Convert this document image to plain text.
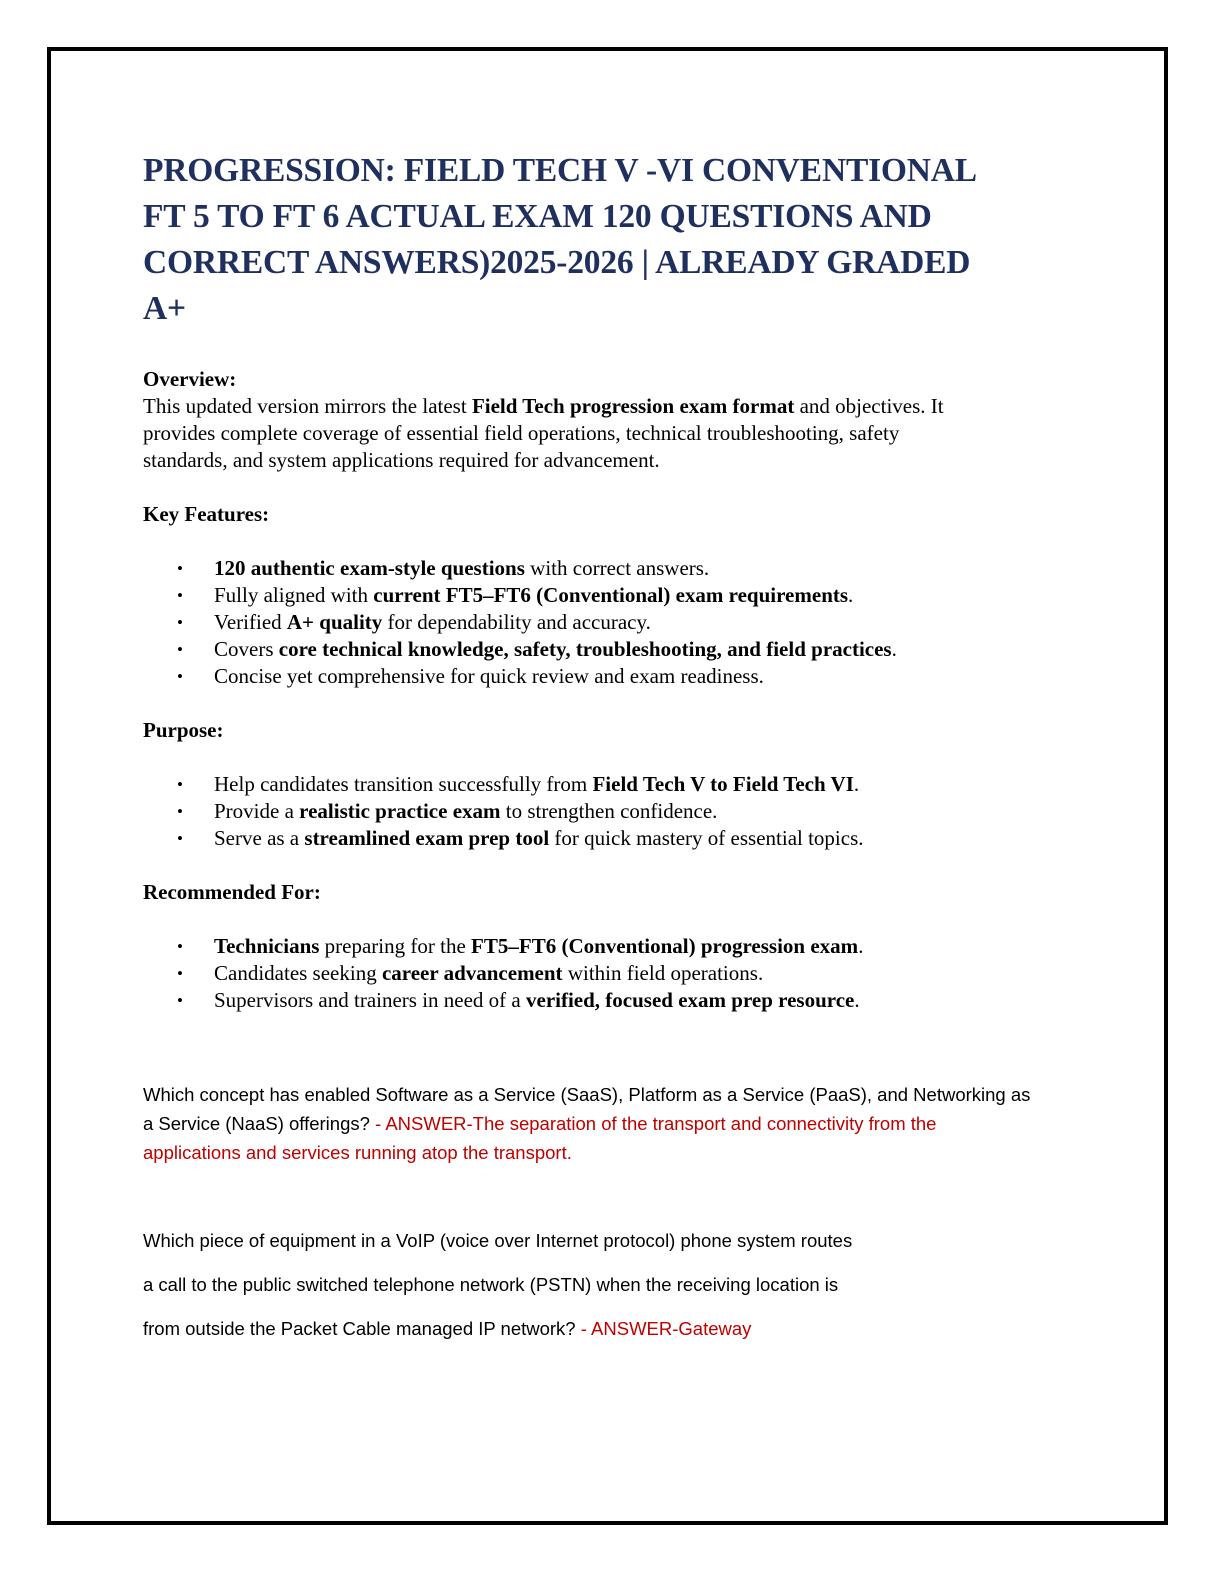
PROGRESSION: FIELD TECH V -VI CONVENTIONAL
FT 5 TO FT 6 ACTUAL EXAM 120 QUESTIONS AND
CORRECT ANSWERS)2025-2026 | ALREADY GRADED
A+

Overview:

This updated version mirrors the latest Field Tech progression exam format and objectives. It
provides complete coverage of essential field operations, technical troubleshooting, safety
standards, and system applications required for advancement.

Key Features:

• 120 authentic exam-style questions with correct answers.
• Fully aligned with current FT5–FT6 (Conventional) exam requirements.
• Verified A+ quality for dependability and accuracy.
• Covers core technical knowledge, safety, troubleshooting, and field practices.
• Concise yet comprehensive for quick review and exam readiness.

Purpose:

• Help candidates transition successfully from Field Tech V to Field Tech VI.
• Provide a realistic practice exam to strengthen confidence.
• Serve as a streamlined exam prep tool for quick mastery of essential topics.

Recommended For:

• Technicians preparing for the FT5–FT6 (Conventional) progression exam.
• Candidates seeking career advancement within field operations.
• Supervisors and trainers in need of a verified, focused exam prep resource.

Which concept has enabled Software as a Service (SaaS), Platform as a Service (PaaS), and Networking as
a Service (NaaS) offerings? - ANSWER-The separation of the transport and connectivity from the
applications and services running atop the transport.

Which piece of equipment in a VoIP (voice over Internet protocol) phone system routes

a call to the public switched telephone network (PSTN) when the receiving location is

from outside the Packet Cable managed IP network? - ANSWER-Gateway
